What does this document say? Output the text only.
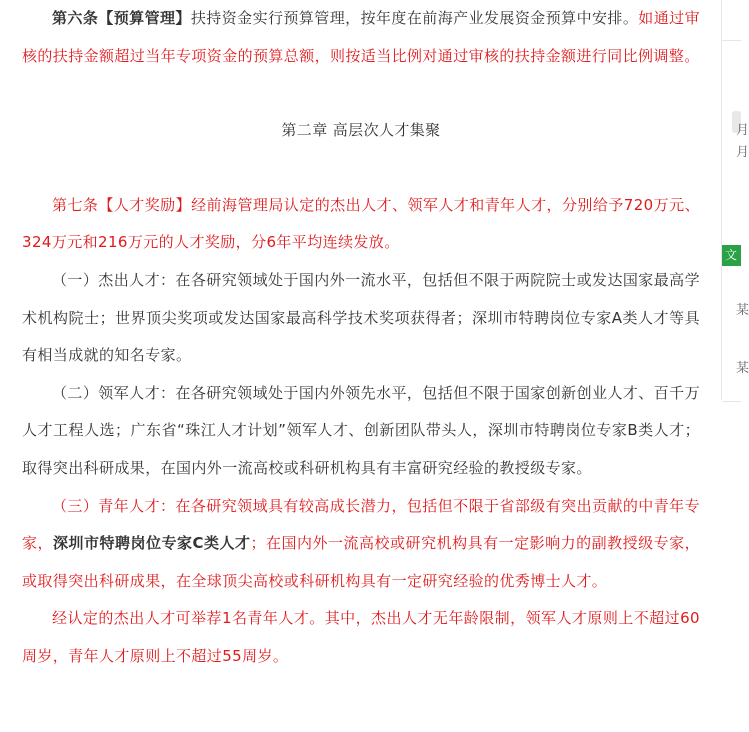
第六条【预算管理】扶持资金实行预算管理，按年度在前海产业发展资金预算中安排。如通过审核的扶持金额超过当年专项资金的预算总额，则按适当比例对通过审核的扶持金额进行同比例调整。

第二章 高层次人才集聚

第七条【人才奖励】经前海管理局认定的杰出人才、领军人才和青年人才，分别给予720万元、324万元和216万元的人才奖励，分6年平均连续发放。

（一）杰出人才：在各研究领域处于国内外一流水平，包括但不限于两院院士或发达国家最高学术机构院士；世界顶尖奖项或发达国家最高科学技术奖项获得者；深圳市特聘岗位专家A类人才等具有相当成就的知名专家。

（二）领军人才：在各研究领域处于国内外领先水平，包括但不限于国家创新创业人才、百千万人才工程人选；广东省“珠江人才计划”领军人才、创新团队带头人，深圳市特聘岗位专家B类人才；取得突出科研成果，在国内外一流高校或科研机构具有丰富研究经验的教授级专家。

（三）青年人才：在各研究领域具有较高成长潜力，包括但不限于省部级有突出贡献的中青年专家，深圳市特聘岗位专家C类人才；在国内外一流高校或研究机构具有一定影响力的副教授级专家，或取得突出科研成果，在全球顶尖高校或科研机构具有一定研究经验的优秀博士人才。

经认定的杰出人才可举荐1名青年人才。其中，杰出人才无年龄限制，领军人才原则上不超过60周岁，青年人才原则上不超过55周岁。

月
月
文
某
某
